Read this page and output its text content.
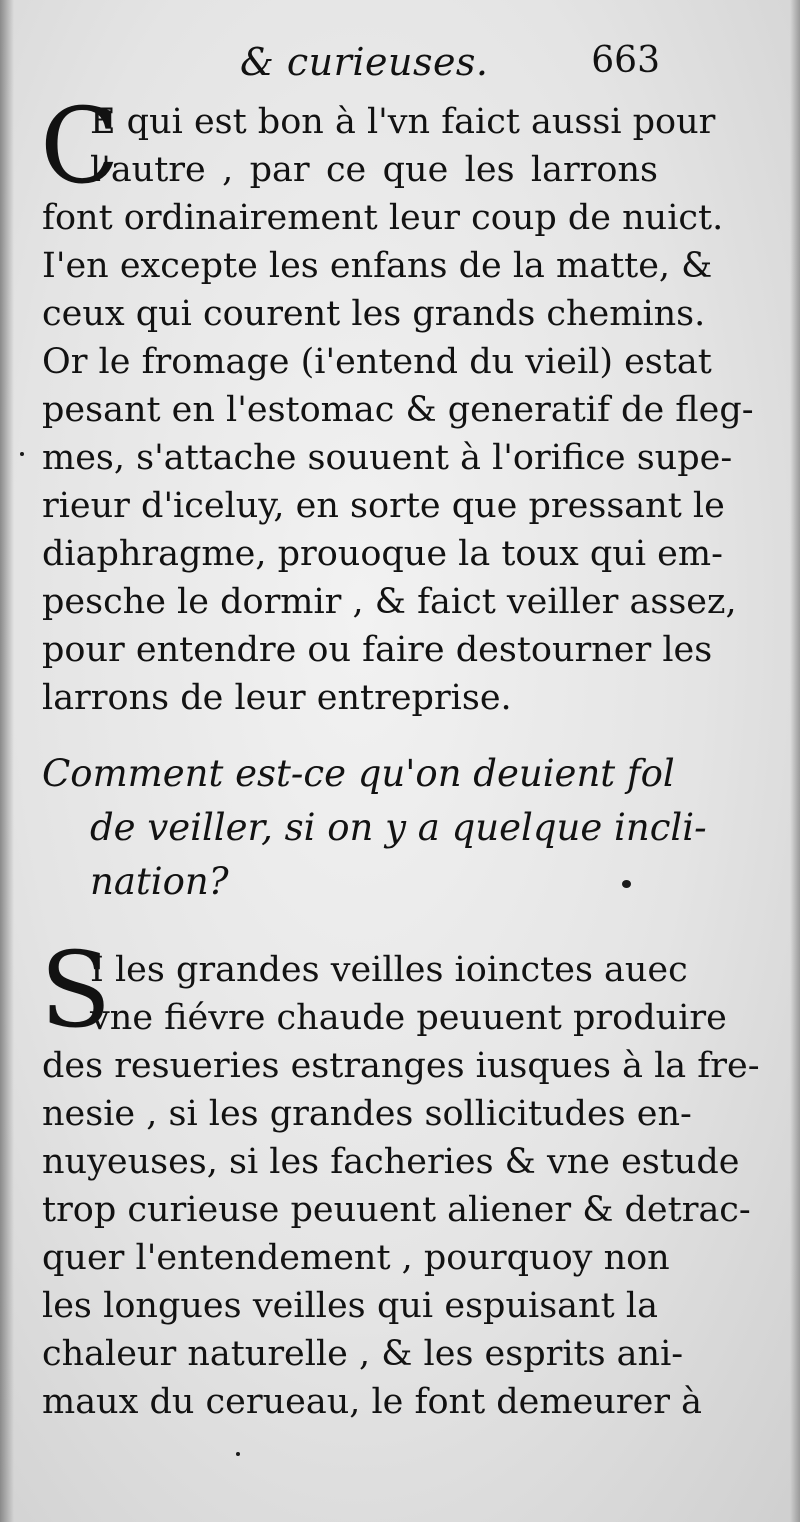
& curieuses.	663
C
E qui est bon à l'vn faict aussi pour
l'autre , par ce que les larrons
font ordinairement leur coup de nuict.
I'en excepte les enfans de la matte, &
ceux qui courent les grands chemins.
Or le fromage (i'entend du vieil) estat
pesant en l'estomac & generatif de fleg-
mes, s'attache souuent à l'orifice supe-
rieur d'iceluy, en sorte que pressant le
diaphragme, prouoque la toux qui em-
pesche le dormir , & faict veiller assez,
pour entendre ou faire destourner les
larrons de leur entreprise.
Comment est-ce qu'on deuient fol
de veiller, si on y a quelque incli-
nation?
S
I les grandes veilles ioinctes auec
vne fiévre chaude peuuent produire
des resueries estranges iusques à la fre-
nesie , si les grandes sollicitudes en-
nuyeuses, si les facheries & vne estude
trop curieuse peuuent aliener & detrac-
quer l'entendement , pourquoy non
les longues veilles qui espuisant la
chaleur naturelle , & les esprits ani-
maux du cerueau, le font demeurer à
